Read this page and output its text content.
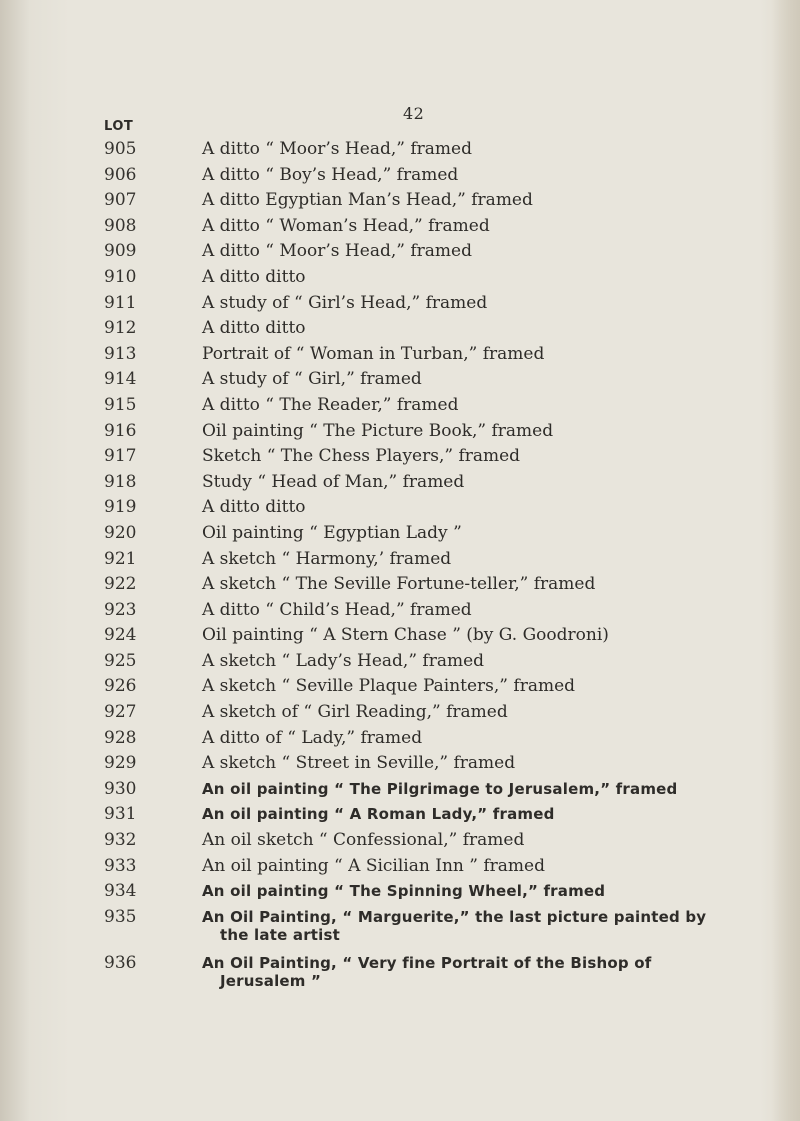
42
LOT
905	A ditto “ Moor’s Head,” framed
906	A ditto “ Boy’s Head,” framed
907	A ditto Egyptian Man’s Head,” framed
908	A ditto “ Woman’s Head,” framed
909	A ditto “ Moor’s Head,” framed
910	A ditto ditto
911	A study of “ Girl’s Head,” framed
912	A ditto ditto
913	Portrait of “ Woman in Turban,” framed
914	A study of “ Girl,” framed
915	A ditto “ The Reader,” framed
916	Oil painting “ The Picture Book,” framed
917	Sketch “ The Chess Players,” framed
918	Study “ Head of Man,” framed
919	A ditto ditto
920	Oil painting “ Egyptian Lady ”
921	A sketch “ Harmony,’ framed
922	A sketch “ The Seville Fortune-teller,” framed
923	A ditto “ Child’s Head,” framed
924	Oil painting “ A Stern Chase ” (by G. Goodroni)
925	A sketch “ Lady’s Head,” framed
926	A sketch “ Seville Plaque Painters,” framed
927	A sketch of “ Girl Reading,” framed
928	A ditto of “ Lady,” framed
929	A sketch “ Street in Seville,” framed
930	An oil painting “ The Pilgrimage to Jerusalem,” framed
931	An oil painting “ A Roman Lady,” framed
932	An oil sketch “ Confessional,” framed
933	An oil painting “ A Sicilian Inn ” framed
934	An oil painting “ The Spinning Wheel,” framed
935	An Oil Painting, “ Marguerite,” the last picture painted by
the late artist
936	An Oil Painting, “ Very fine Portrait of the Bishop of
Jerusalem ”
